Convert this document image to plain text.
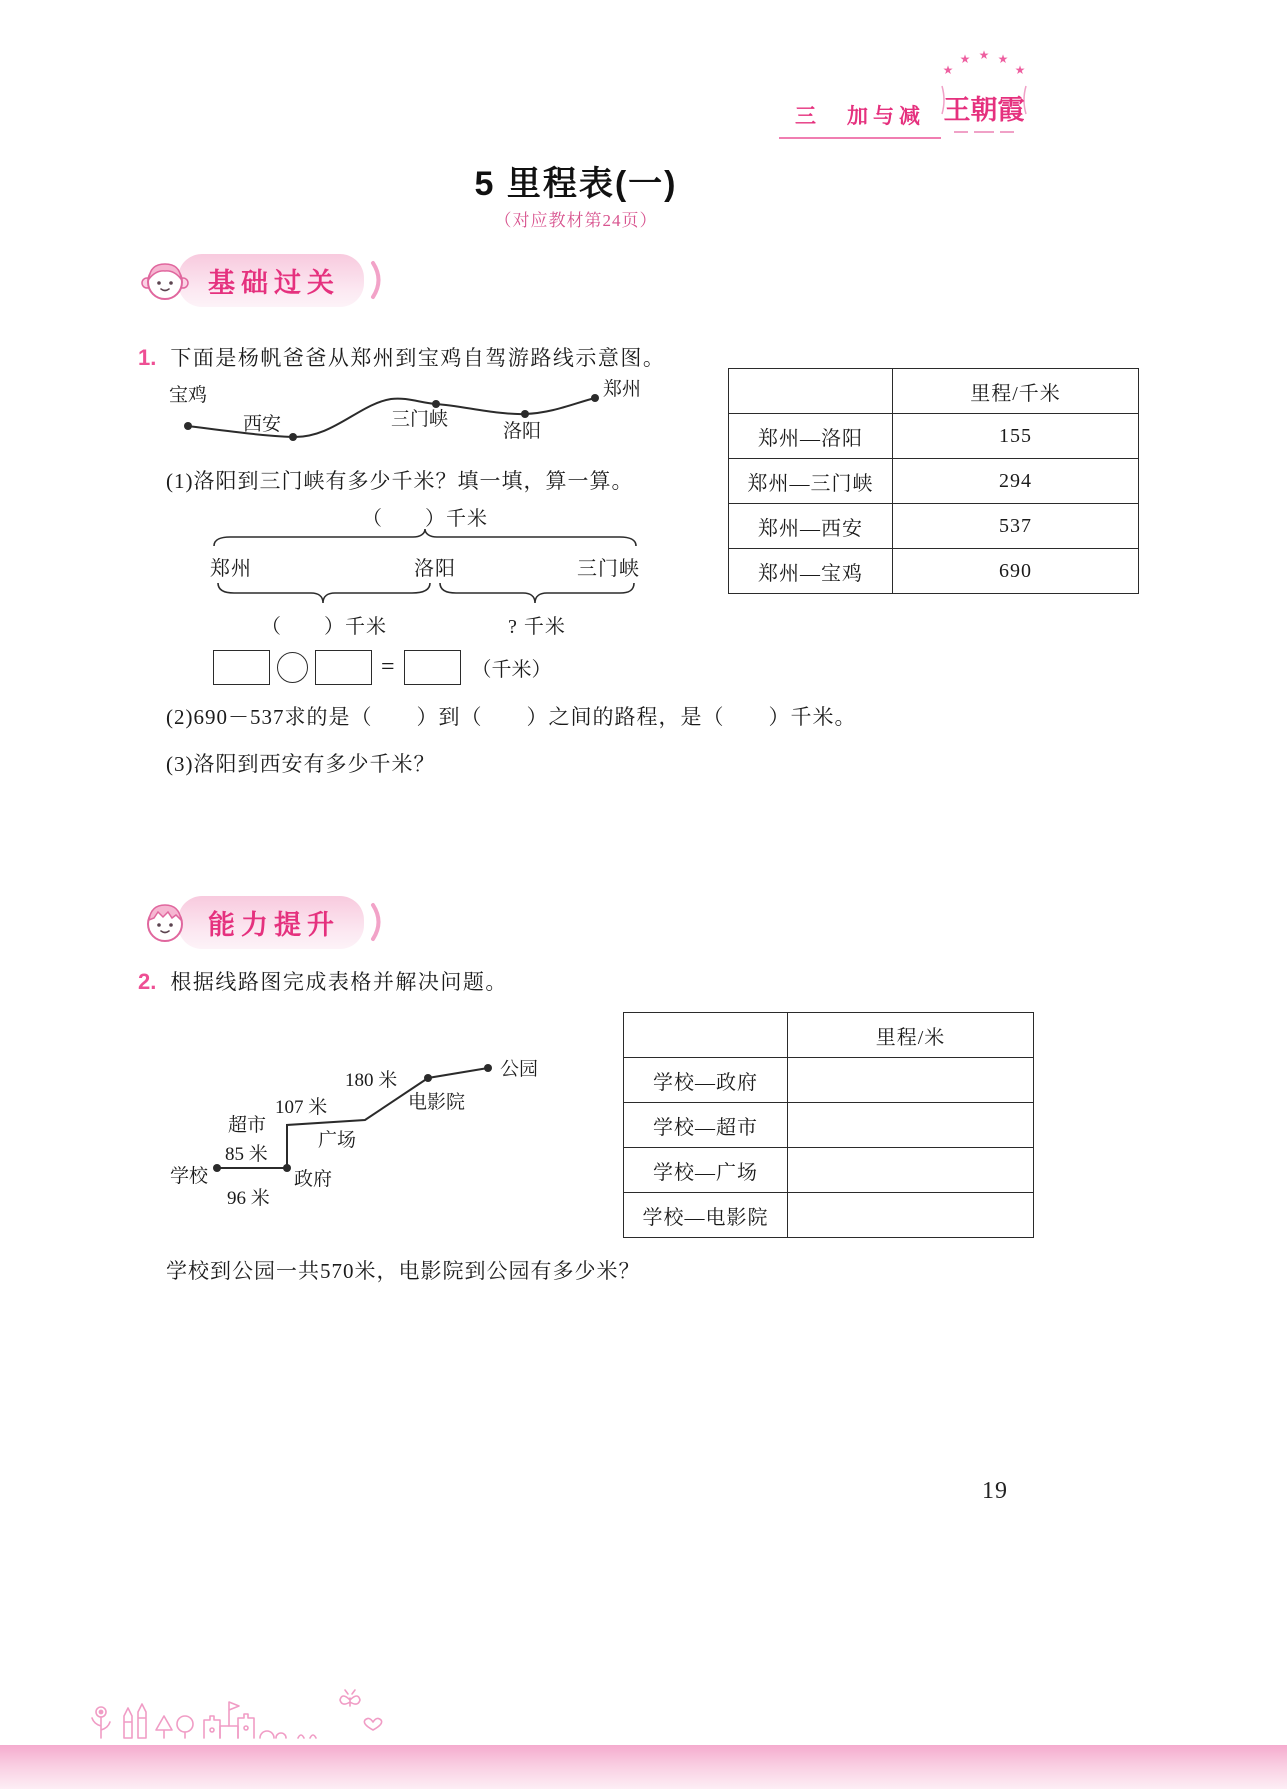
三　加与减
★
★ ★ ★
★
王朝霞
5 里程表(一)
（对应教材第24页）
基础过关
1. 下面是杨帆爸爸从郑州到宝鸡自驾游路线示意图。
宝鸡
西安	三门峡
洛阳
郑州
		里程/千米
郑州—洛阳	155
郑州—三门峡	294
郑州—西安	537
郑州—宝鸡	690
(1)洛阳到三门峡有多少千米？填一填，算一算。
（　　）千米
郑州	洛阳	三门峡
（　　）千米	? 千米
=	（千米）
(2)690－537求的是（　　）到（　　）之间的路程，是（　　）千米。
(3)洛阳到西安有多少千米？
能力提升
2. 根据线路图完成表格并解决问题。
学校	政府
超市
广场
电影院
公园
96 米
85 米
107 米
180 米
	里程/米
学校—政府	
学校—超市	
学校—广场	
学校—电影院	
学校到公园一共570米，电影院到公园有多少米？
19
